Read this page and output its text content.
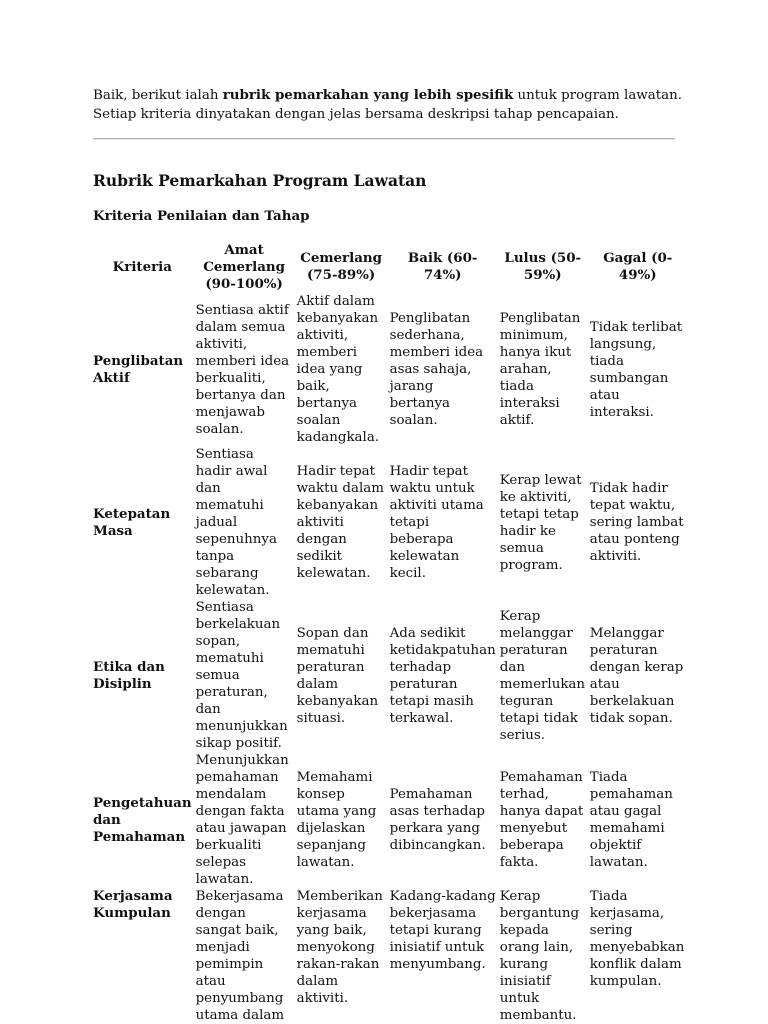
Baik, berikut ialah rubrik pemarkahan yang lebih spesifik untuk program lawatan. Setiap kriteria dinyatakan dengan jelas bersama deskripsi tahap pencapaian.

Rubrik Pemarkahan Program Lawatan
Kriteria Penilaian dan Tahap
Kriteria	Amat Cemerlang (90-100%)	Cemerlang (75-89%)	Baik (60-74%)	Lulus (50-59%)	Gagal (0-49%)
Penglibatan Aktif	Sentiasa aktif dalam semua aktiviti, memberi idea berkualiti, bertanya dan menjawab soalan.	Aktif dalam kebanyakan aktiviti, memberi idea yang baik, bertanya soalan kadangkala.	Penglibatan sederhana, memberi idea asas sahaja, jarang bertanya soalan.	Penglibatan minimum, hanya ikut arahan, tiada interaksi aktif.	Tidak terlibat langsung, tiada sumbangan atau interaksi.
Ketepatan Masa	Sentiasa hadir awal dan mematuhi jadual sepenuhnya tanpa sebarang kelewatan.	Hadir tepat waktu dalam kebanyakan aktiviti dengan sedikit kelewatan.	Hadir tepat waktu untuk aktiviti utama tetapi beberapa kelewatan kecil.	Kerap lewat ke aktiviti, tetapi tetap hadir ke semua program.	Tidak hadir tepat waktu, sering lambat atau ponteng aktiviti.
Etika dan Disiplin	Sentiasa berkelakuan sopan, mematuhi semua peraturan, dan menunjukkan sikap positif.	Sopan dan mematuhi peraturan dalam kebanyakan situasi.	Ada sedikit ketidakpatuhan terhadap peraturan tetapi masih terkawal.	Kerap melanggar peraturan dan memerlukan teguran tetapi tidak serius.	Melanggar peraturan dengan kerap atau berkelakuan tidak sopan.
Pengetahuan dan Pemahaman	Menunjukkan pemahaman mendalam dengan fakta atau jawapan berkualiti selepas lawatan.	Memahami konsep utama yang dijelaskan sepanjang lawatan.	Pemahaman asas terhadap perkara yang dibincangkan.	Pemahaman terhad, hanya dapat menyebut beberapa fakta.	Tiada pemahaman atau gagal memahami objektif lawatan.
Kerjasama Kumpulan	Bekerjasama dengan sangat baik, menjadi pemimpin atau penyumbang utama dalam	Memberikan kerjasama yang baik, menyokong rakan-rakan dalam aktiviti.	Kadang-kadang bekerjasama tetapi kurang inisiatif untuk menyumbang.	Kerap bergantung kepada orang lain, kurang inisiatif untuk membantu.	Tiada kerjasama, sering menyebabkan konflik dalam kumpulan.
